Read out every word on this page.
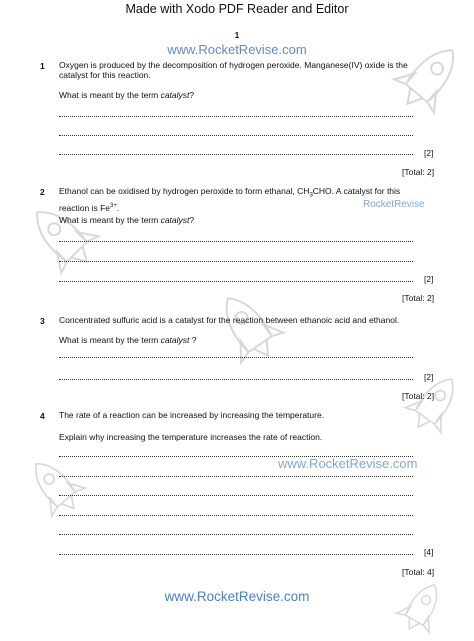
Made with Xodo PDF Reader and Editor
1
www.RocketRevise.com
1 Oxygen is produced by the decomposition of hydrogen peroxide. Manganese(IV) oxide is the catalyst for this reaction.
What is meant by the term catalyst?
[2]
[Total: 2]
2 Ethanol can be oxidised by hydrogen peroxide to form ethanal, $CH_3CHO$. A catalyst for this reaction is $Fe^{3+}$.	RocketRevise
What is meant by the term catalyst?
[2]
[Total: 2]
3 Concentrated sulfuric acid is a catalyst for the reaction between ethanoic acid and ethanol.
What is meant by the term catalyst ?
[2]
[Total: 2]
4 The rate of a reaction can be increased by increasing the temperature.
Explain why increasing the temperature increases the rate of reaction.
www.RocketRevise.com
[4]
[Total: 4]
www.RocketRevise.com
